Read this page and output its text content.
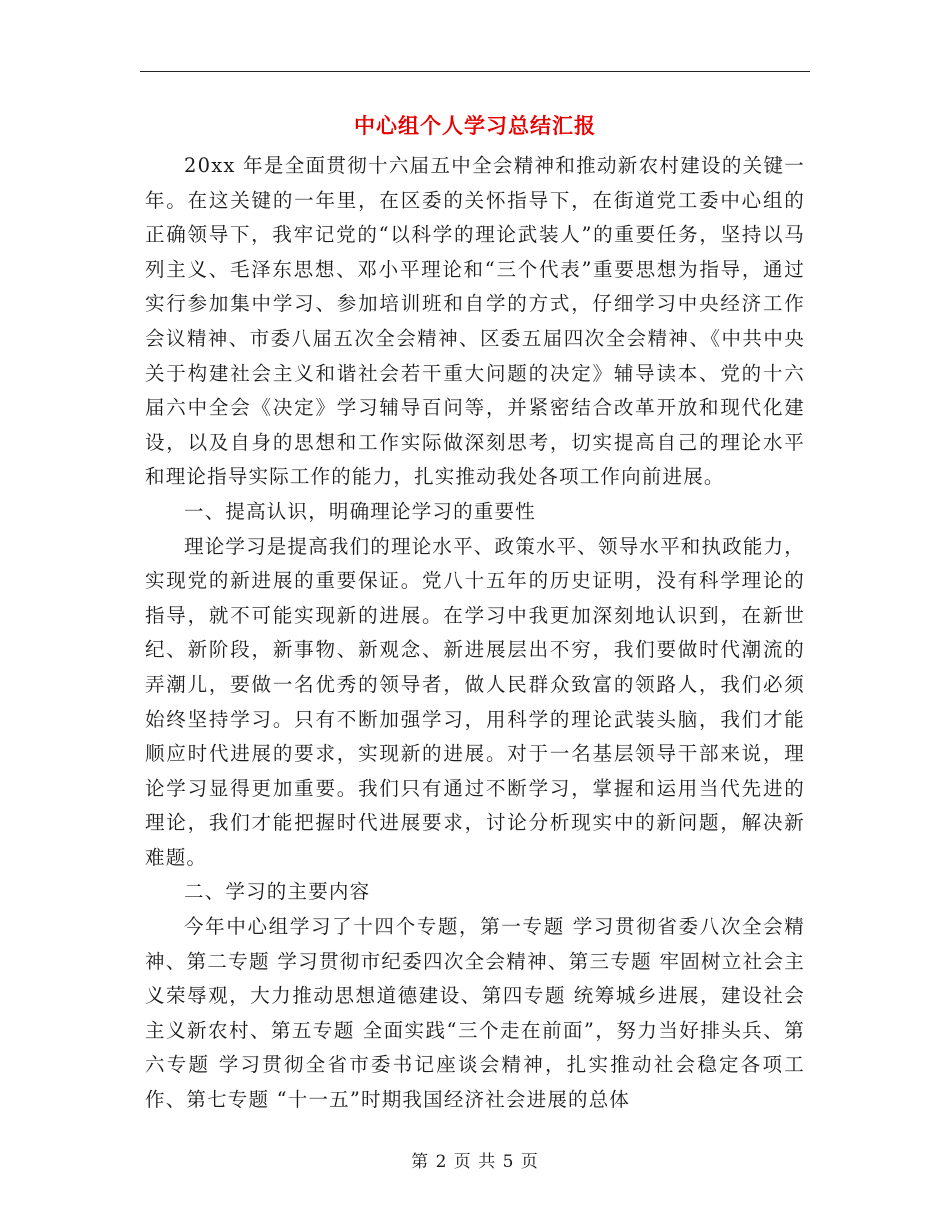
中心组个人学习总结汇报

20xx 年是全面贯彻十六届五中全会精神和推动新农村建设的关键一年。在这关键的一年里，在区委的关怀指导下，在街道党工委中心组的正确领导下，我牢记党的“以科学的理论武装人”的重要任务，坚持以马列主义、毛泽东思想、邓小平理论和“三个代表”重要思想为指导，通过实行参加集中学习、参加培训班和自学的方式，仔细学习中央经济工作会议精神、市委八届五次全会精神、区委五届四次全会精神、《中共中央关于构建社会主义和谐社会若干重大问题的决定》辅导读本、党的十六届六中全会《决定》学习辅导百问等，并紧密结合改革开放和现代化建设，以及自身的思想和工作实际做深刻思考，切实提高自己的理论水平和理论指导实际工作的能力，扎实推动我处各项工作向前进展。

一、提高认识，明确理论学习的重要性

理论学习是提高我们的理论水平、政策水平、领导水平和执政能力，实现党的新进展的重要保证。党八十五年的历史证明，没有科学理论的指导，就不可能实现新的进展。在学习中我更加深刻地认识到，在新世纪、新阶段，新事物、新观念、新进展层出不穷，我们要做时代潮流的弄潮儿，要做一名优秀的领导者，做人民群众致富的领路人，我们必须始终坚持学习。只有不断加强学习，用科学的理论武装头脑，我们才能顺应时代进展的要求，实现新的进展。对于一名基层领导干部来说，理论学习显得更加重要。我们只有通过不断学习，掌握和运用当代先进的理论，我们才能把握时代进展要求，讨论分析现实中的新问题，解决新难题。

二、学习的主要内容

今年中心组学习了十四个专题，第一专题 学习贯彻省委八次全会精神、第二专题 学习贯彻市纪委四次全会精神、第三专题 牢固树立社会主义荣辱观，大力推动思想道德建设、第四专题 统筹城乡进展，建设社会主义新农村、第五专题 全面实践“三个走在前面”，努力当好排头兵、第六专题 学习贯彻全省市委书记座谈会精神，扎实推动社会稳定各项工作、第七专题 “十一五”时期我国经济社会进展的总体

第 2 页 共 5 页
